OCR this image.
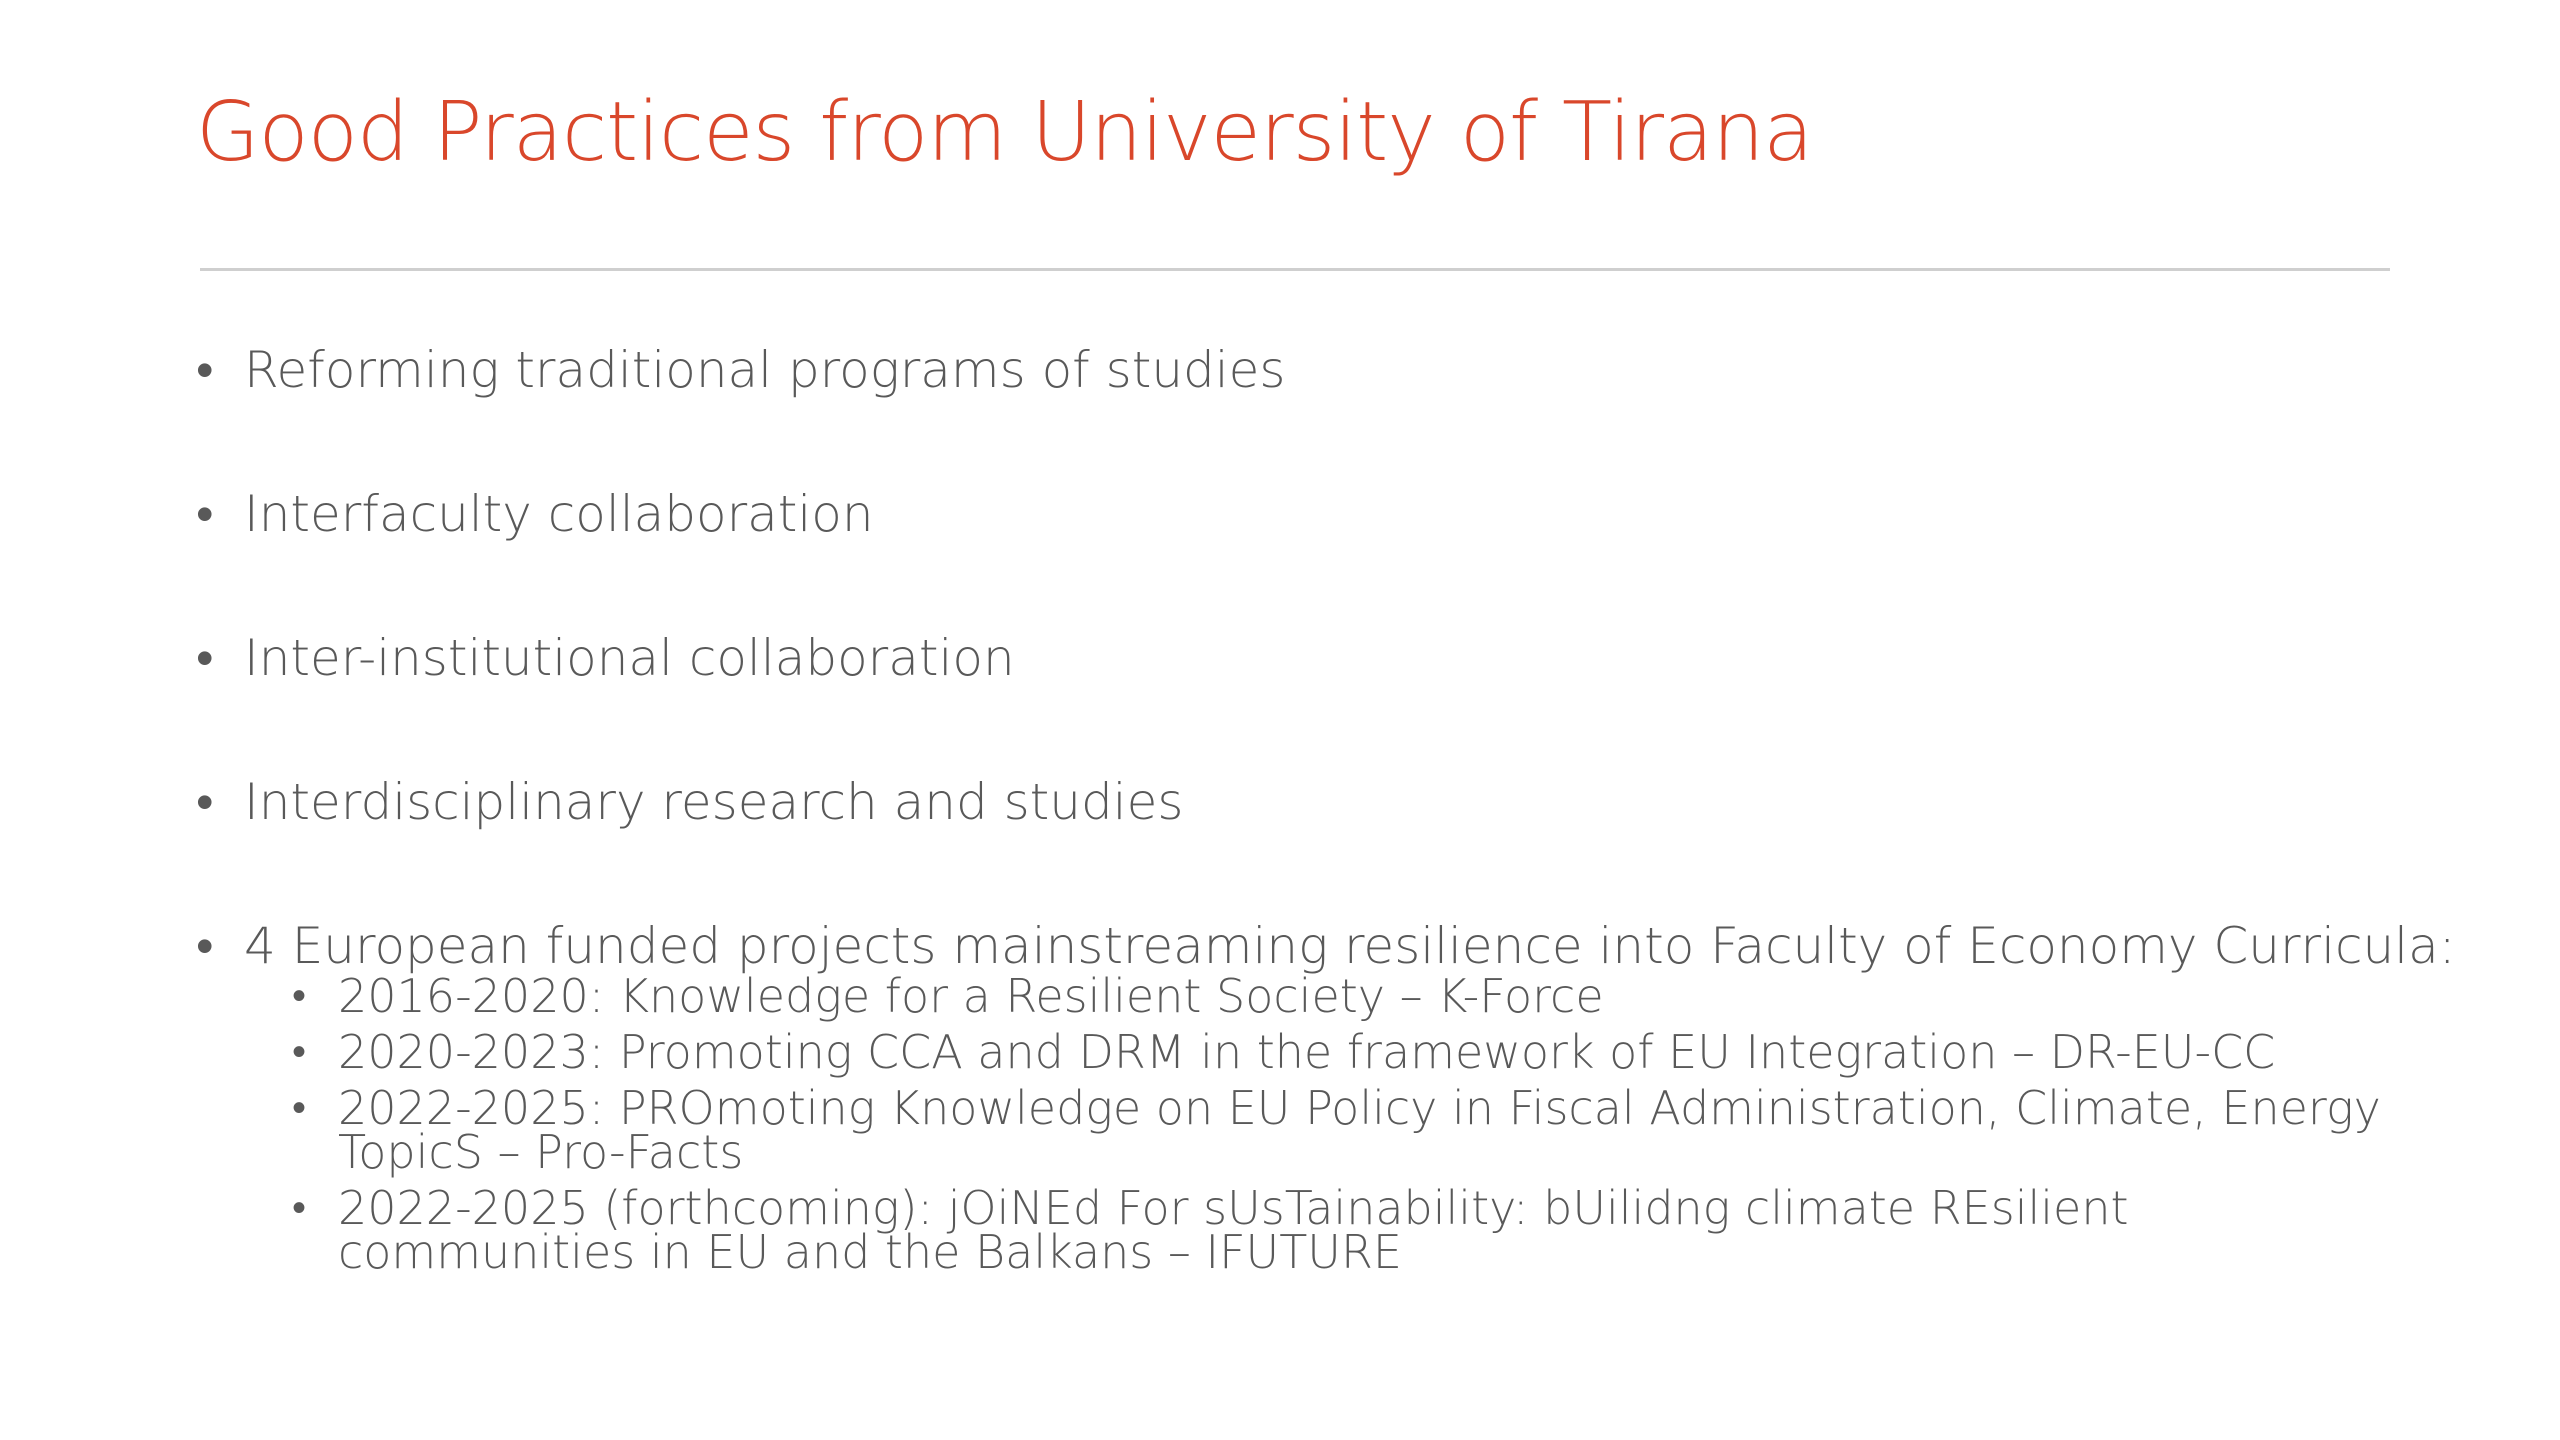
Good Practices from University of Tirana
• Reforming traditional programs of studies
• Interfaculty collaboration
• Inter-institutional collaboration
• Interdisciplinary research and studies
• 4 European funded projects mainstreaming resilience into Faculty of Economy Curricula:
• 2016-2020: Knowledge for a Resilient Society – K-Force
• 2020-2023: Promoting CCA and DRM in the framework of EU Integration – DR-EU-CC
• 2022-2025: PROmoting Knowledge on EU Policy in Fiscal Administration, Climate, Energy TopicS – Pro-Facts
• 2022-2025 (forthcoming): jOiNEd For sUsTainability: bUilidng climate REsilient communities in EU and the Balkans – IFUTURE
